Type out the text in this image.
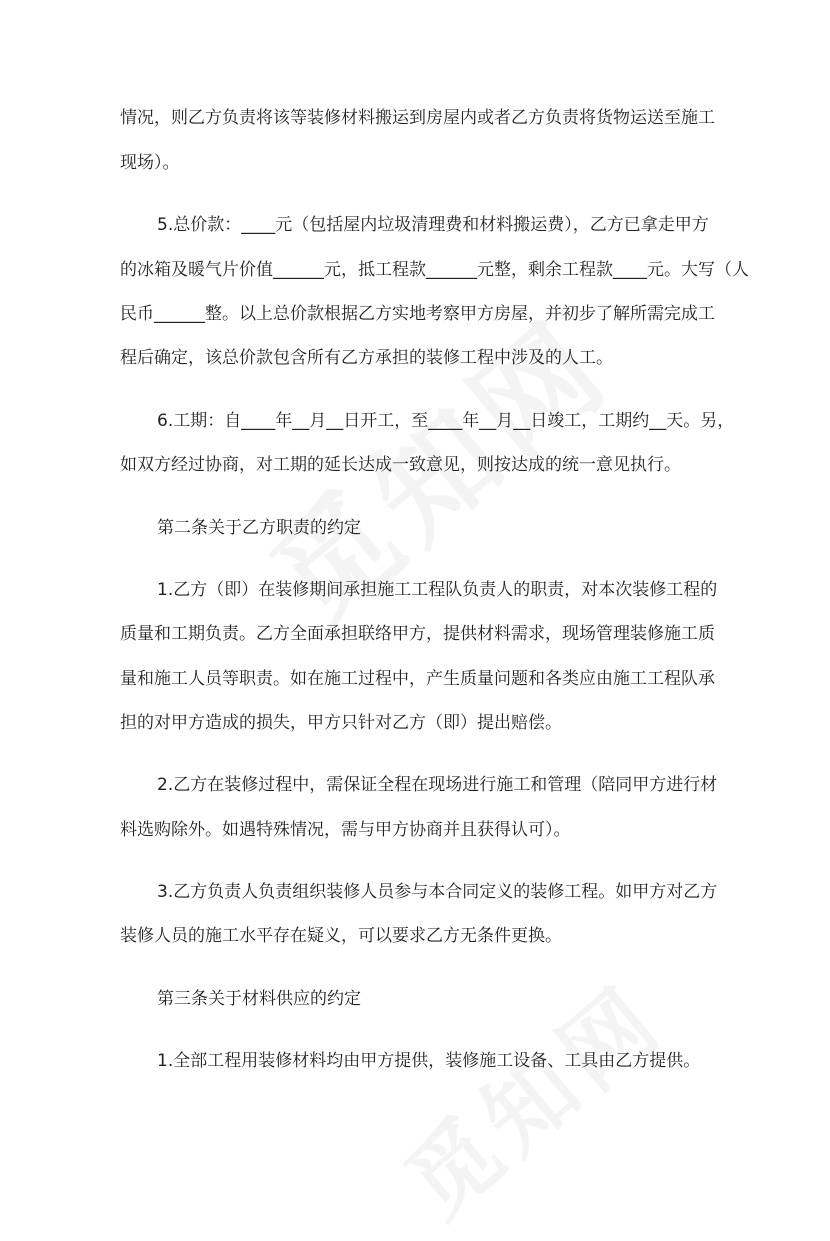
情况，则乙方负责将该等装修材料搬运到房屋内或者乙方负责将货物运送至施工
现场）。
5.总价款：____元（包括屋内垃圾清理费和材料搬运费），乙方已拿走甲方
的冰箱及暖气片价值______元，抵工程款______元整，剩余工程款____元。大写（人
民币______整。以上总价款根据乙方实地考察甲方房屋，并初步了解所需完成工
程后确定，该总价款包含所有乙方承担的装修工程中涉及的人工。
6.工期：自____年__月__日开工，至____年__月__日竣工，工期约__天。另，
如双方经过协商，对工期的延长达成一致意见，则按达成的统一意见执行。
第二条关于乙方职责的约定
1.乙方（即）在装修期间承担施工工程队负责人的职责，对本次装修工程的
质量和工期负责。乙方全面承担联络甲方，提供材料需求，现场管理装修施工质
量和施工人员等职责。如在施工过程中，产生质量问题和各类应由施工工程队承
担的对甲方造成的损失，甲方只针对乙方（即）提出赔偿。
2.乙方在装修过程中，需保证全程在现场进行施工和管理（陪同甲方进行材
料选购除外。如遇特殊情况，需与甲方协商并且获得认可）。
3.乙方负责人负责组织装修人员参与本合同定义的装修工程。如甲方对乙方
装修人员的施工水平存在疑义，可以要求乙方无条件更换。
第三条关于材料供应的约定
1.全部工程用装修材料均由甲方提供，装修施工设备、工具由乙方提供。
